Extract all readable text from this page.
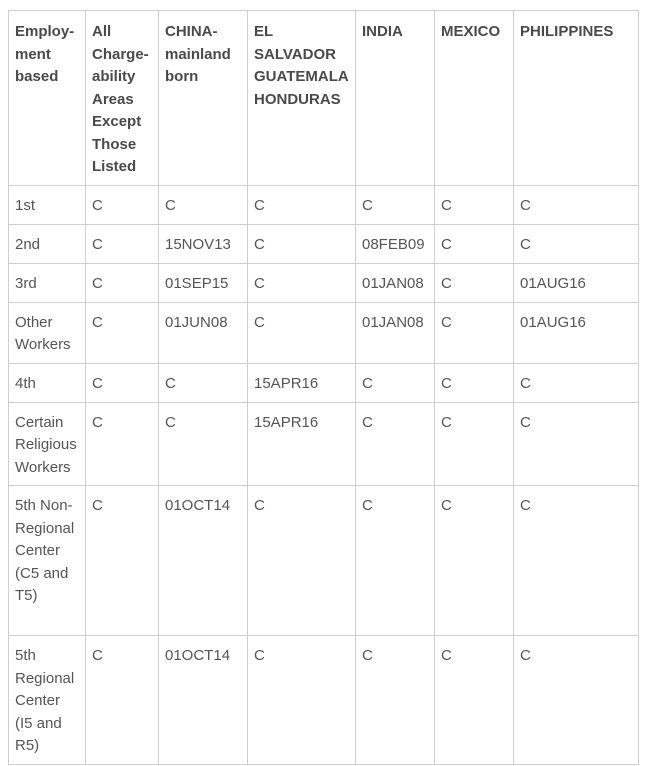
Employ-ment based	All Charge-ability Areas Except Those Listed	CHINA-mainland born	EL SALVADOR GUATEMALA HONDURAS	INDIA	MEXICO	PHILIPPINES
1st	C	C	C	C	C	C
2nd	C	15NOV13	C	08FEB09	C	C
3rd	C	01SEP15	C	01JAN08	C	01AUG16
Other Workers	C	01JUN08	C	01JAN08	C	01AUG16
4th	C	C	15APR16	C	C	C
Certain Religious Workers	C	C	15APR16	C	C	C
5th Non-Regional Center (C5 and T5)	C	01OCT14	C	C	C	C
5th Regional Center (I5 and R5)	C	01OCT14	C	C	C	C
